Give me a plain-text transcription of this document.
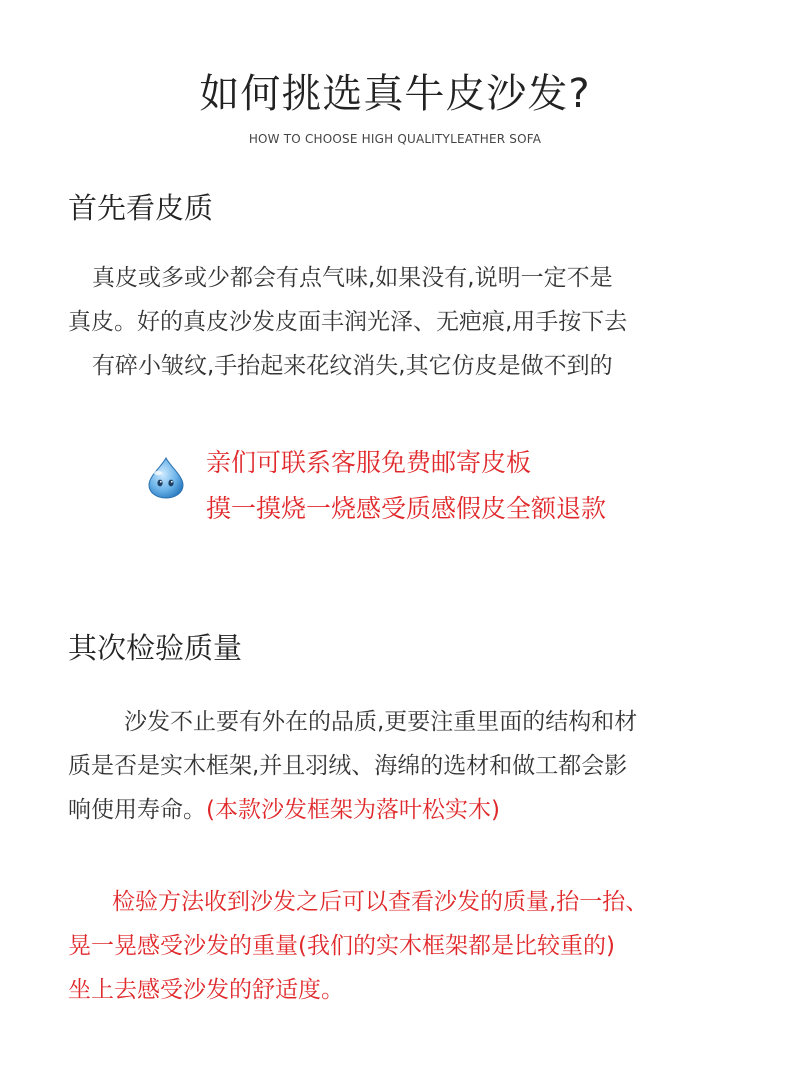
如何挑选真牛皮沙发?
HOW TO CHOOSE HIGH QUALITYLEATHER SOFA
首先看皮质
真皮或多或少都会有点气味,如果没有,说明一定不是
真皮。好的真皮沙发皮面丰润光泽、无疤痕,用手按下去
有碎小皱纹,手抬起来花纹消失,其它仿皮是做不到的
亲们可联系客服免费邮寄皮板
摸一摸烧一烧感受质感假皮全额退款
其次检验质量
沙发不止要有外在的品质,更要注重里面的结构和材
质是否是实木框架,并且羽绒、海绵的选材和做工都会影
响使用寿命。(本款沙发框架为落叶松实木)
检验方法收到沙发之后可以查看沙发的质量,抬一抬、
晃一晃感受沙发的重量(我们的实木框架都是比较重的)
坐上去感受沙发的舒适度。
